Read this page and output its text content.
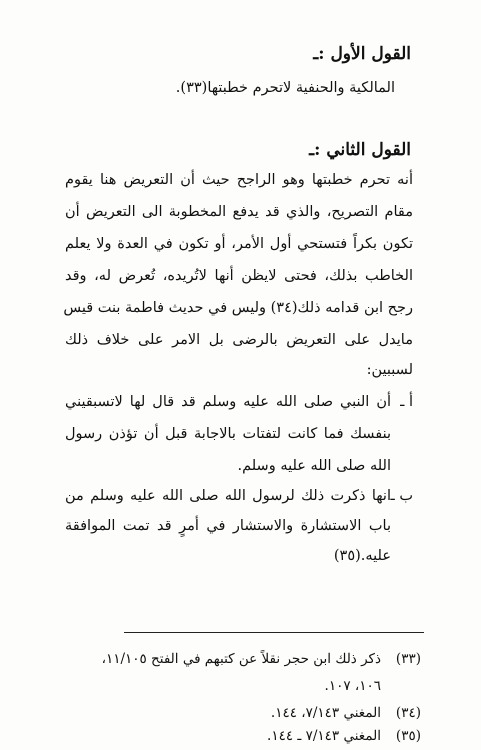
القول الأول :ـ
المالكية والحنفية لاتحرم خطبتها(٣٣).
القول الثاني :ـ
أنه تحرم خطبتها وهو الراجح حيث أن التعريض هنا يقوم
مقام التصريح، والذي قد يدفع المخطوبة الى التعريض أن
تكون بكراً فتستحي أول الأمر، أو تكون في العدة ولا يعلم
الخاطب بذلك، فحتى لايظن أنها لاتُريده، تُعرض له، وقد
رجح ابن قدامه ذلك(٣٤) وليس في حديث فاطمة بنت قيس
مايدل على التعريض بالرضى بل الامر على خلاف ذلك
لسببين:
أ ـ
أن النبي صلى الله عليه وسلم قد قال لها لاتسبقيني
بنفسك فما كانت لتفتات بالاجابة قبل أن تؤذن رسول
الله صلى الله عليه وسلم.
ب ـ
انها ذكرت ذلك لرسول الله صلى الله عليه وسلم من
باب الاستشارة والاستشار في أمرٍ قد تمت الموافقة
عليه.(٣٥)
(٣٣)
ذكر ذلك ابن حجر نقلاً عن كتبهم في الفتح ١١/١٠٥،
١٠٦، ١٠٧.
(٣٤)
المغني ٧/١٤٣، ١٤٤.
(٣٥)
المغني ٧/١٤٣ ـ ١٤٤.
